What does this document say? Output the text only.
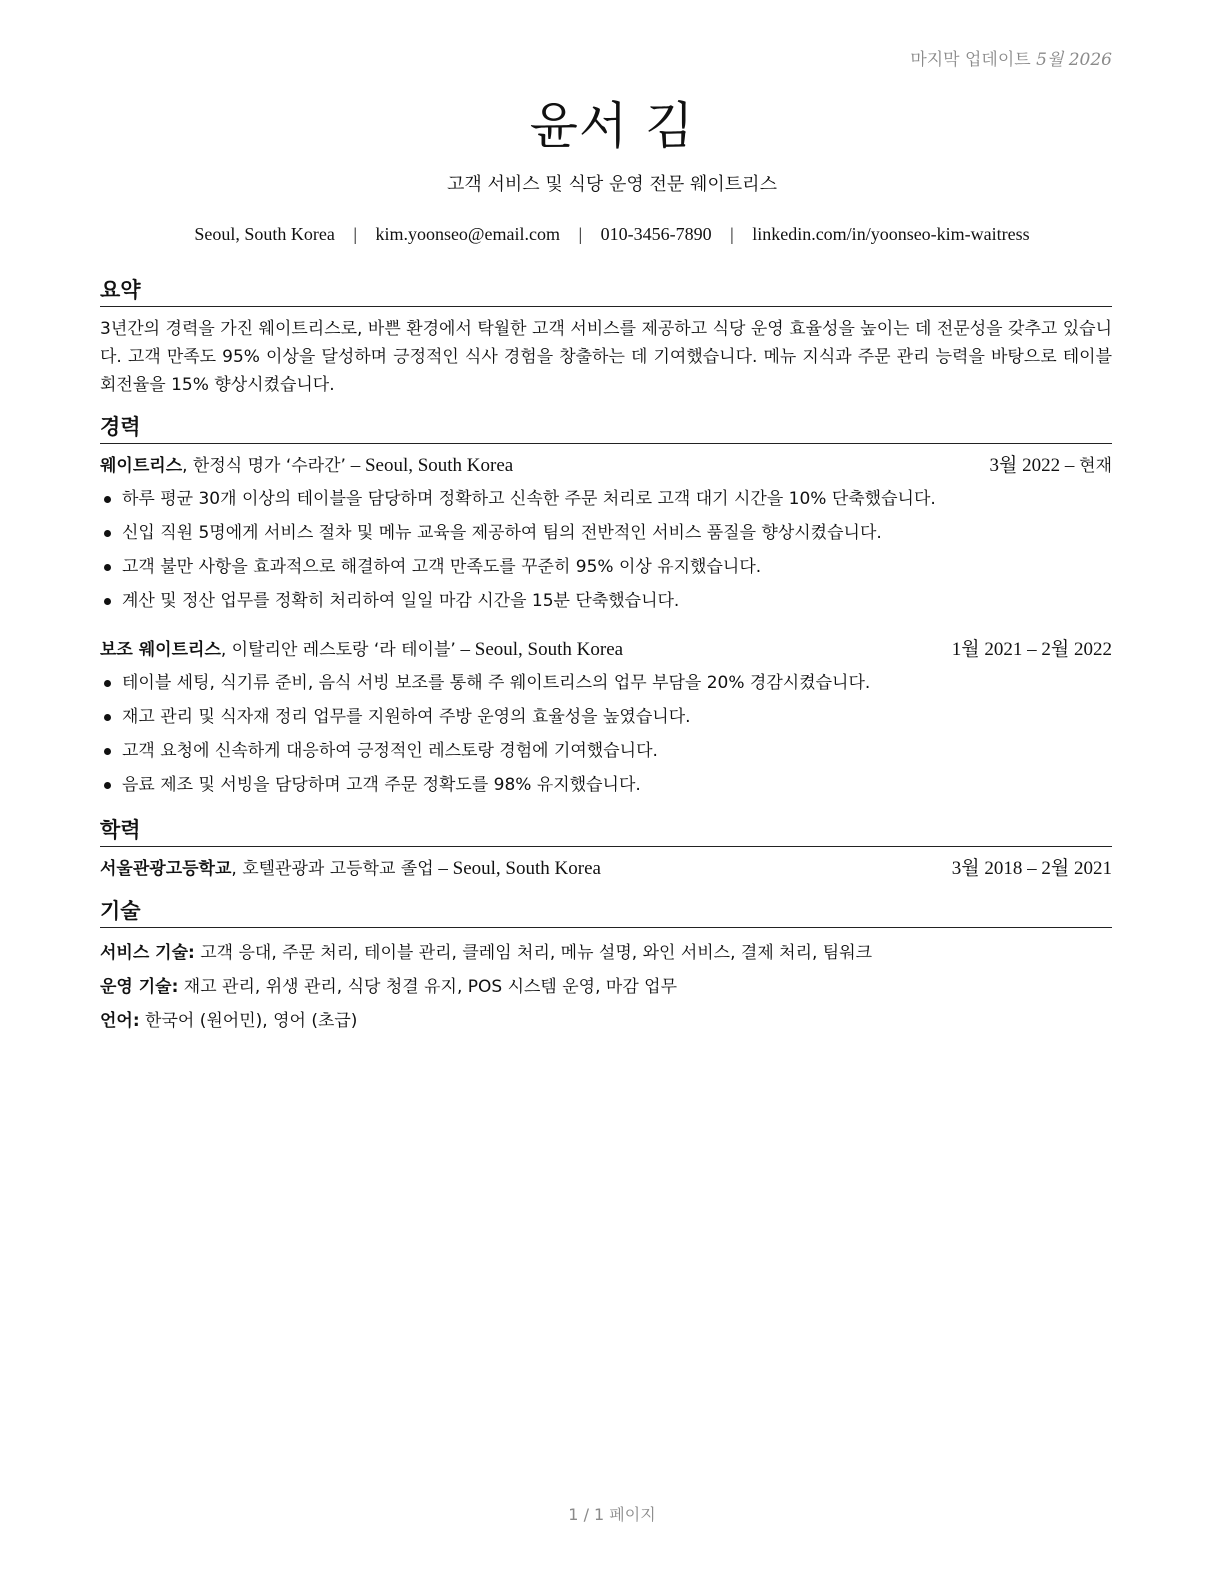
마지막 업데이트 5월 2026
윤서 김
고객 서비스 및 식당 운영 전문 웨이트리스
Seoul, South Korea | kim.yoonseo@email.com | 010-3456-7890 | linkedin.com/in/yoonseo-kim-waitress
요약
3년간의 경력을 가진 웨이트리스로, 바쁜 환경에서 탁월한 고객 서비스를 제공하고 식당 운영 효율성을 높이는 데 전문성을 갖추고 있습니다. 고객 만족도 95% 이상을 달성하며 긍정적인 식사 경험을 창출하는 데 기여했습니다. 메뉴 지식과 주문 관리 능력을 바탕으로 테이블 회전율을 15% 향상시켰습니다.
경력
웨이트리스, 한정식 명가 ‘수라간’ – Seoul, South Korea	3월 2022 – 현재
하루 평균 30개 이상의 테이블을 담당하며 정확하고 신속한 주문 처리로 고객 대기 시간을 10% 단축했습니다.
신입 직원 5명에게 서비스 절차 및 메뉴 교육을 제공하여 팀의 전반적인 서비스 품질을 향상시켰습니다.
고객 불만 사항을 효과적으로 해결하여 고객 만족도를 꾸준히 95% 이상 유지했습니다.
계산 및 정산 업무를 정확히 처리하여 일일 마감 시간을 15분 단축했습니다.
보조 웨이트리스, 이탈리안 레스토랑 ‘라 테이블’ – Seoul, South Korea	1월 2021 – 2월 2022
테이블 세팅, 식기류 준비, 음식 서빙 보조를 통해 주 웨이트리스의 업무 부담을 20% 경감시켰습니다.
재고 관리 및 식자재 정리 업무를 지원하여 주방 운영의 효율성을 높였습니다.
고객 요청에 신속하게 대응하여 긍정적인 레스토랑 경험에 기여했습니다.
음료 제조 및 서빙을 담당하며 고객 주문 정확도를 98% 유지했습니다.
학력
서울관광고등학교, 호텔관광과 고등학교 졸업 – Seoul, South Korea	3월 2018 – 2월 2021
기술
서비스 기술: 고객 응대, 주문 처리, 테이블 관리, 클레임 처리, 메뉴 설명, 와인 서비스, 결제 처리, 팀워크
운영 기술: 재고 관리, 위생 관리, 식당 청결 유지, POS 시스템 운영, 마감 업무
언어: 한국어 (원어민), 영어 (초급)
1 / 1 페이지
